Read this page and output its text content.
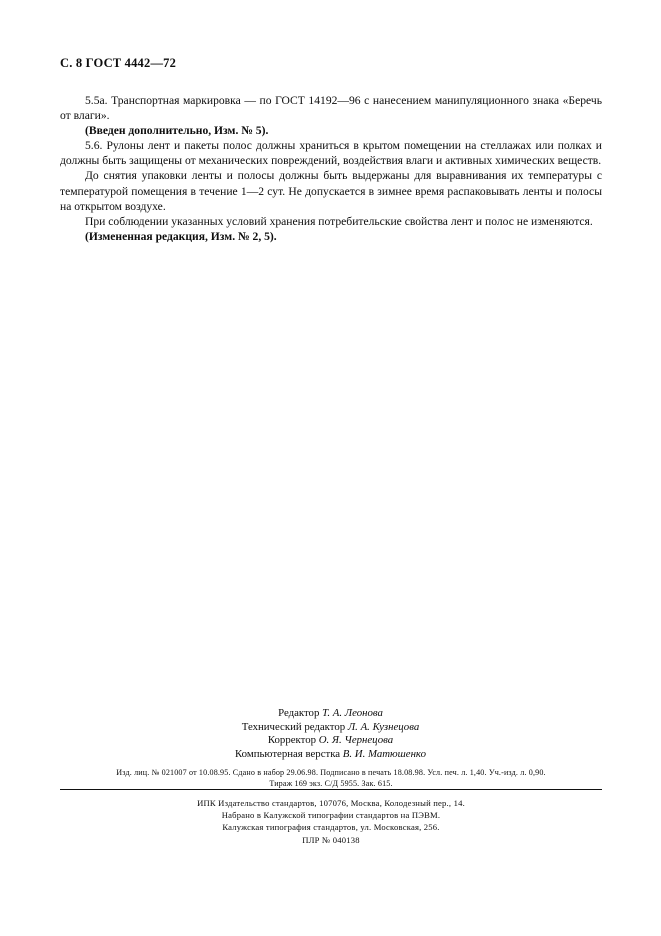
С. 8 ГОСТ 4442—72

5.5а. Транспортная маркировка — по ГОСТ 14192—96 с нанесением манипуляционного знака «Беречь от влаги».

(Введен дополнительно, Изм. № 5).

5.6. Рулоны лент и пакеты полос должны храниться в крытом помещении на стеллажах или полках и должны быть защищены от механических повреждений, воздействия влаги и активных химических веществ.

До снятия упаковки ленты и полосы должны быть выдержаны для выравнивания их температуры с температурой помещения в течение 1—2 сут. Не допускается в зимнее время распаковывать ленты и полосы на открытом воздухе.

При соблюдении указанных условий хранения потребительские свойства лент и полос не изменяются.

(Измененная редакция, Изм. № 2, 5).

Редактор Т. А. Леонова
Технический редактор Л. А. Кузнецова
Корректор О. Я. Чернецова
Компьютерная верстка В. И. Матюшенко
Изд. лиц. № 021007 от 10.08.95. Сдано в набор 29.06.98. Подписано в печать 18.08.98. Усл. печ. л. 1,40. Уч.-изд. л. 0,90.
Тираж 169 экз. С/Д 5955. Зак. 615.
ИПК Издательство стандартов, 107076, Москва, Колодезный пер., 14.
Набрано в Калужской типографии стандартов на ПЭВМ.
Калужская типография стандартов, ул. Московская, 256.
ПЛР № 040138
